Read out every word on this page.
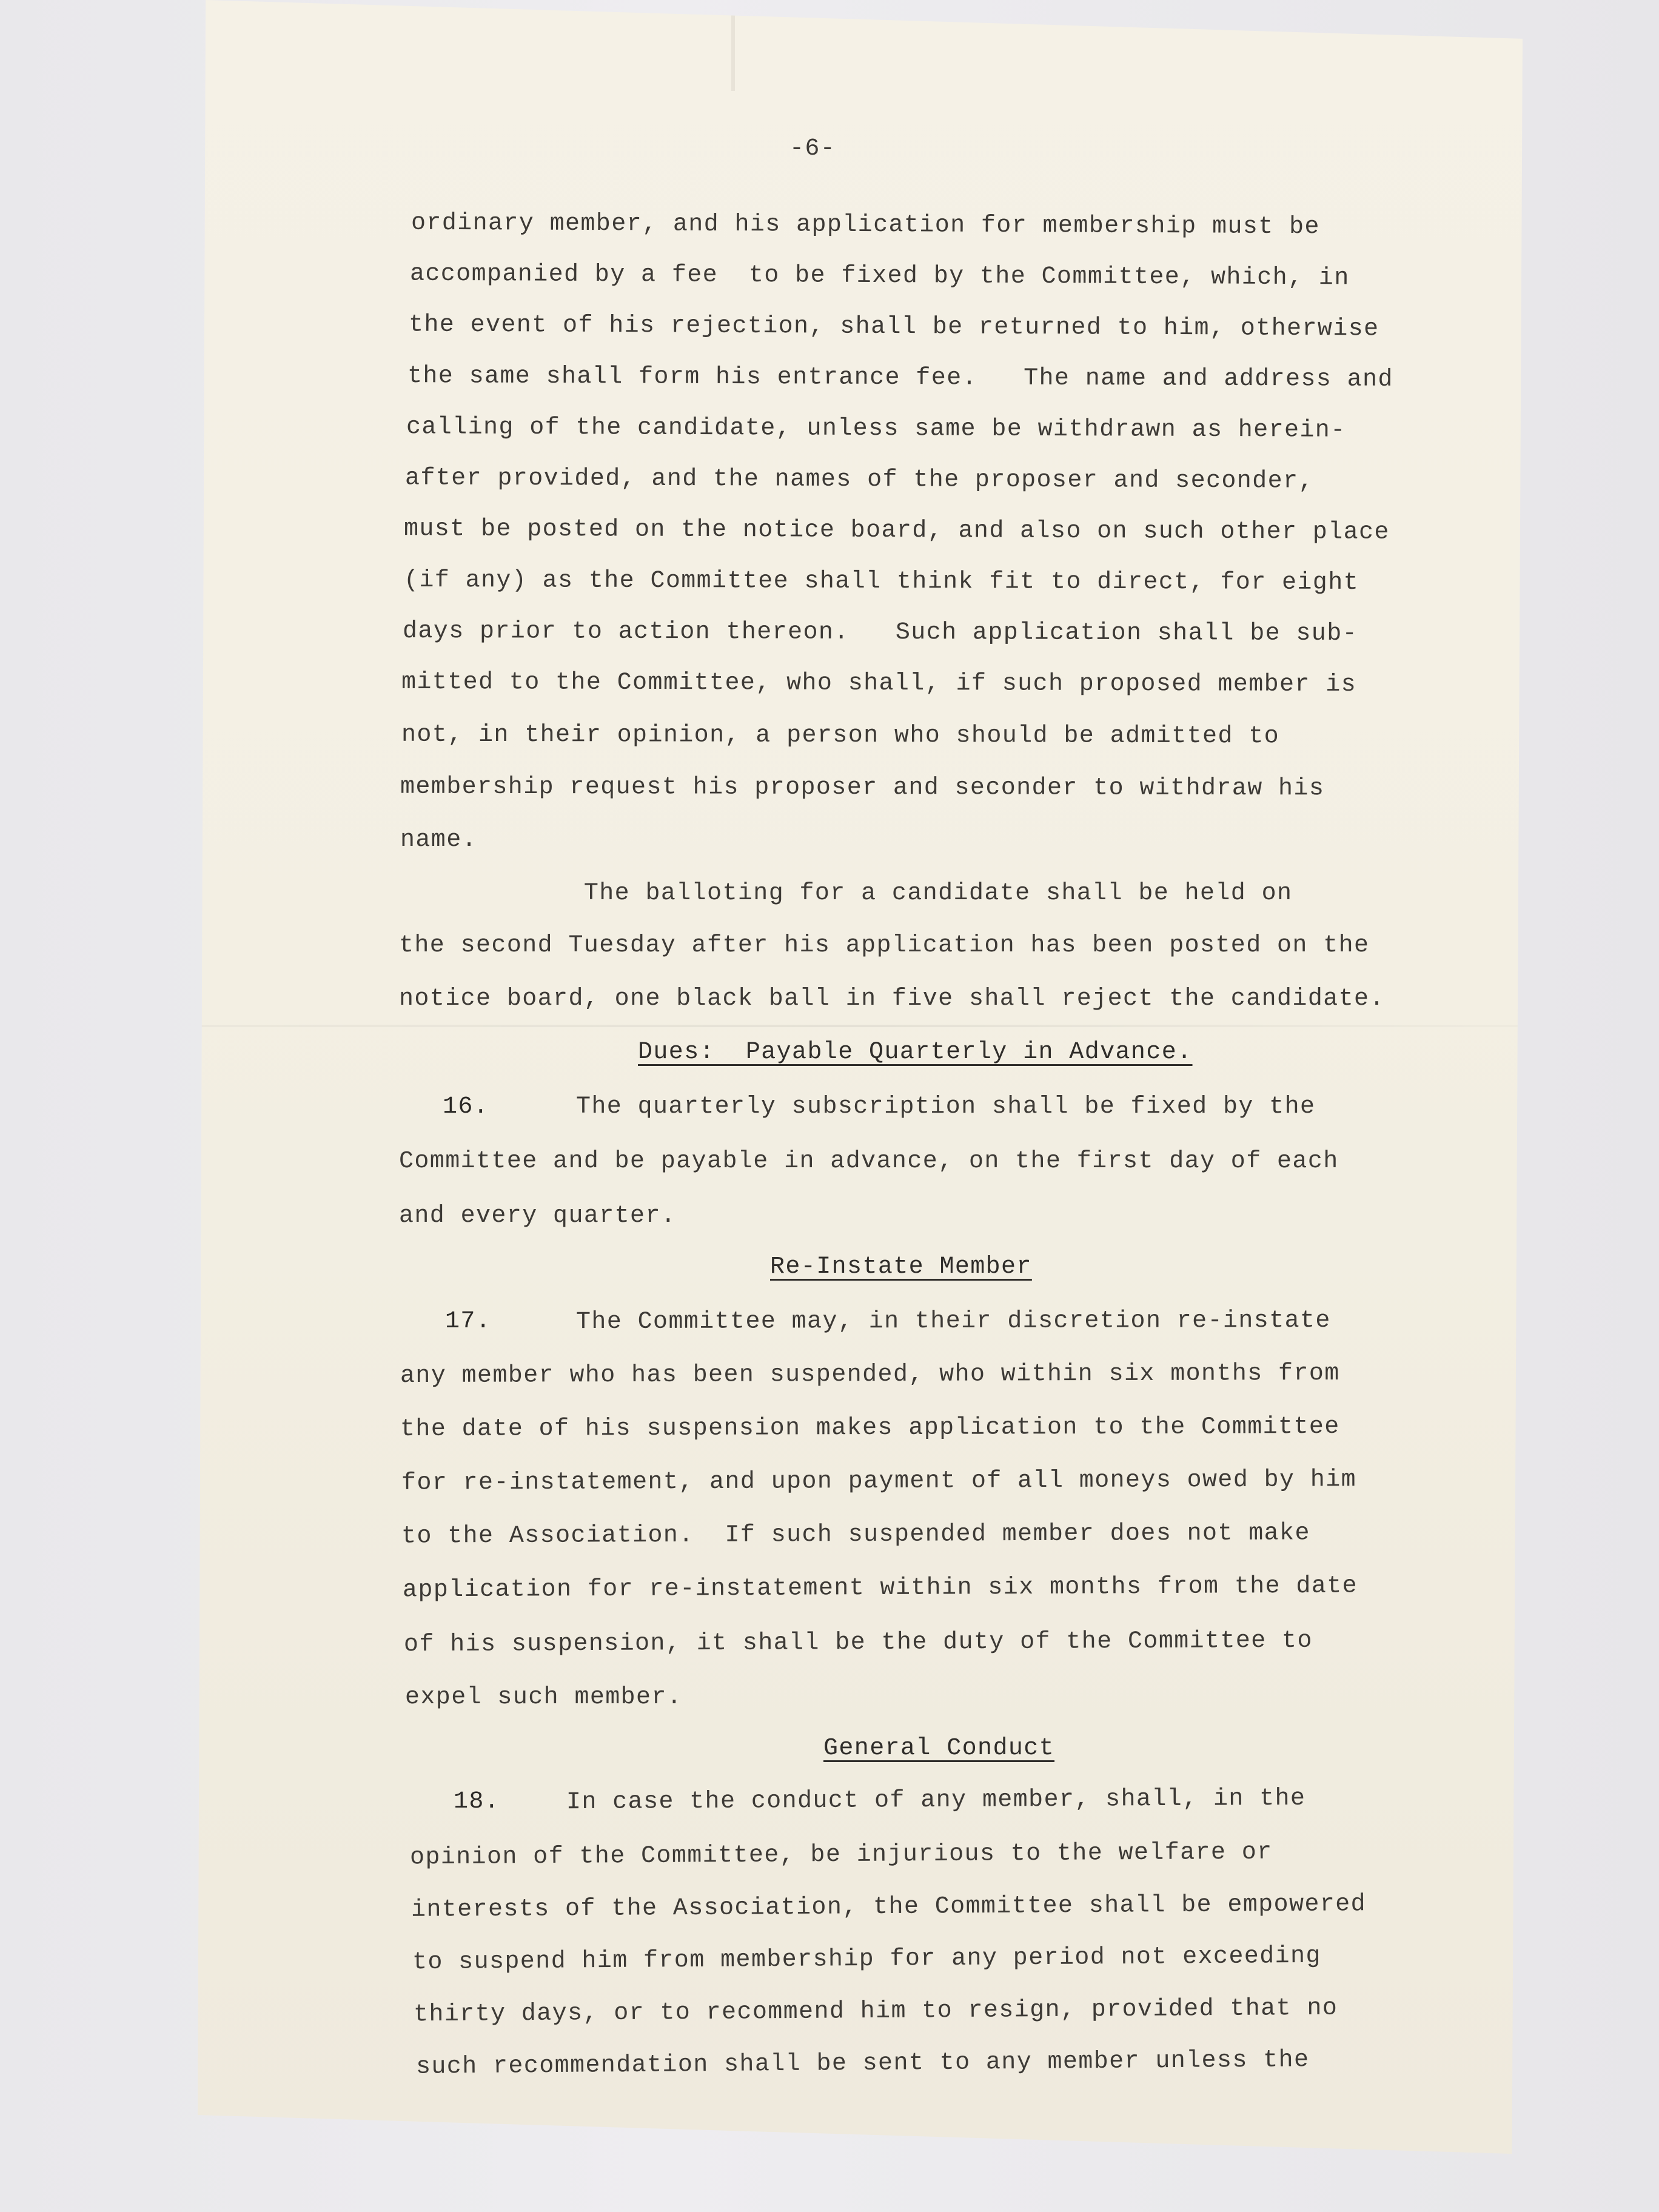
-6-
ordinary member, and his application for membership must be
accompanied by a fee  to be fixed by the Committee, which, in
the event of his rejection, shall be returned to him, otherwise
the same shall form his entrance fee.   The name and address and
calling of the candidate, unless same be withdrawn as herein-
after provided, and the names of the proposer and seconder,
must be posted on the notice board, and also on such other place
(if any) as the Committee shall think fit to direct, for eight
days prior to action thereon.   Such application shall be sub-
mitted to the Committee, who shall, if such proposed member is
not, in their opinion, a person who should be admitted to
membership request his proposer and seconder to withdraw his
name.
The balloting for a candidate shall be held on
the second Tuesday after his application has been posted on the
notice board, one black ball in five shall reject the candidate.
Dues:  Payable Quarterly in Advance.
16.	The quarterly subscription shall be fixed by the
Committee and be payable in advance, on the first day of each
and every quarter.
Re-Instate Member
17.	The Committee may, in their discretion re-instate
any member who has been suspended, who within six months from
the date of his suspension makes application to the Committee
for re-instatement, and upon payment of all moneys owed by him
to the Association.  If such suspended member does not make
application for re-instatement within six months from the date
of his suspension, it shall be the duty of the Committee to
expel such member.
General Conduct
18.	In case the conduct of any member, shall, in the
opinion of the Committee, be injurious to the welfare or
interests of the Association, the Committee shall be empowered
to suspend him from membership for any period not exceeding
thirty days, or to recommend him to resign, provided that no
such recommendation shall be sent to any member unless the
